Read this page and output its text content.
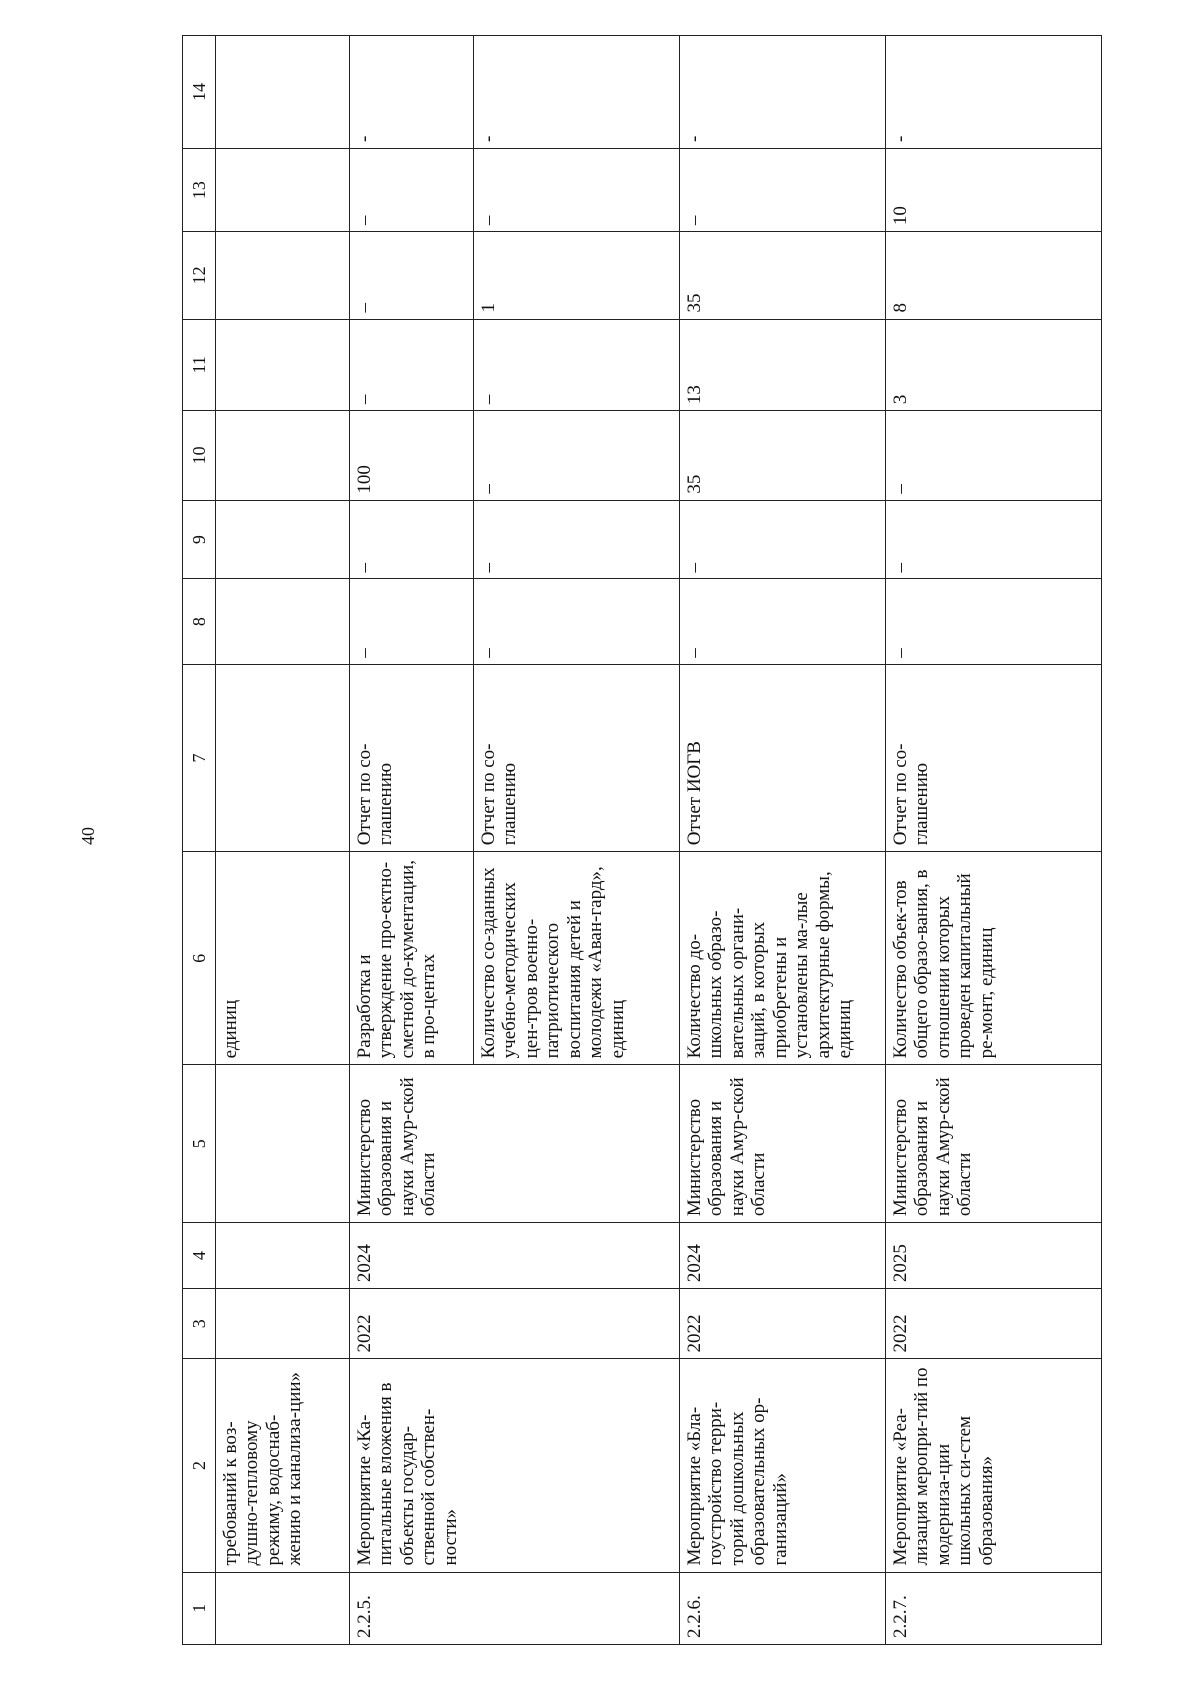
40
1	2	3	4	5	6	7	8	9	10	11	12	13	14
	требований к воз-душно-тепловому режиму, водоснаб-жению и канализа-ции»				единиц								
2.2.5.	Мероприятие «Ка-питальные вложения в объекты государ-ственной собствен-ности»	2022	2024	Министерство образования и науки Амур-ской области	Разработка и утверждение про-ектно-сметной до-кументации, в про-центах	Отчет по со-глашению	–	–	100	–	–	–	-
					Количество со-зданных учебно-методических цен-тров военно-патриотического воспитания детей и молодежи «Аван-гард», единиц	Отчет по со-глашению	–	–	–	–	1	–	-
2.2.6.	Мероприятие «Бла-гоустройство терри-торий дошкольных образовательных ор-ганизаций»	2022	2024	Министерство образования и науки Амур-ской области	Количество до-школьных образо-вательных органи-заций, в которых приобретены и установлены ма-лые архитектурные формы, единиц	Отчет ИОГВ	–	–	35	13	35	–	-
2.2.7.	Мероприятие «Реа-лизация меропри-тий по модерниза-ции школьных си-стем образования»	2022	2025	Министерство образования и науки Амур-ской области	Количество объек-тов общего образо-вания, в отношении которых проведен капитальный ре-монт, единиц	Отчет по со-глашению	–	–	–	3	8	10	-
